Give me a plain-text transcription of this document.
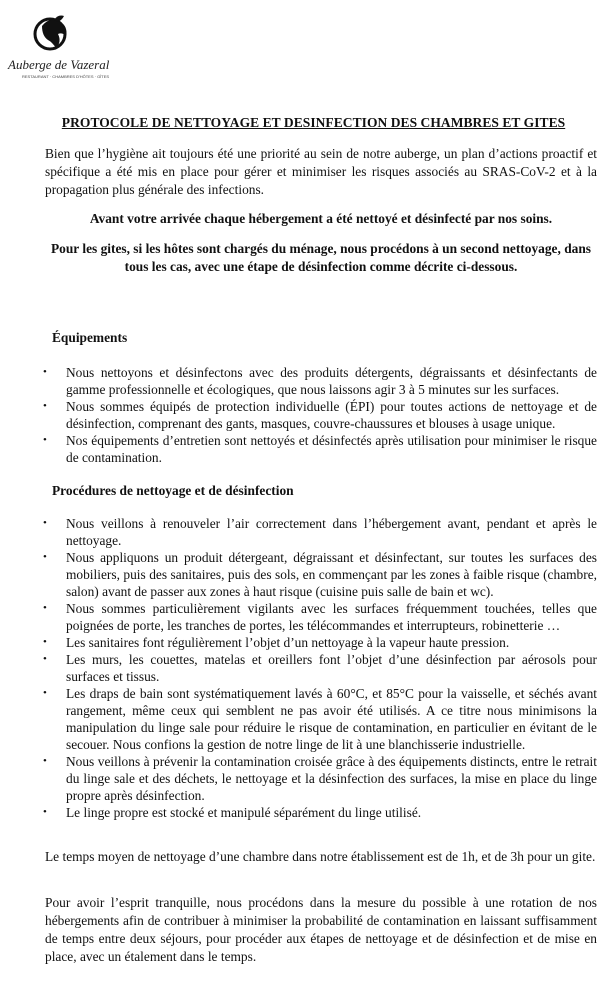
Auberge de Vazeral
RESTAURANT · CHAMBRES D'HÔTES · GÎTES
PROTOCOLE DE NETTOYAGE ET DESINFECTION DES CHAMBRES ET GITES

Bien que l’hygiène ait toujours été une priorité au sein de notre auberge, un plan d’actions proactif et spécifique a été mis en place pour gérer et minimiser les risques associés au SRAS-CoV-2 et à la propagation plus générale des infections.

Avant votre arrivée chaque hébergement a été nettoyé et désinfecté par nos soins.

Pour les gites, si les hôtes sont chargés du ménage, nous procédons à un second nettoyage, dans tous les cas, avec une étape de désinfection comme décrite ci-dessous.

Équipements

• Nous nettoyons et désinfectons avec des produits détergents, dégraissants et désinfectants de gamme professionnelle et écologiques, que nous laissons agir 3 à 5 minutes sur les surfaces.
• Nous sommes équipés de protection individuelle (ÉPI) pour toutes actions de nettoyage et de désinfection, comprenant des gants, masques, couvre-chaussures et blouses à usage unique.
• Nos équipements d’entretien sont nettoyés et désinfectés après utilisation pour minimiser le risque de contamination.

Procédures de nettoyage et de désinfection

• Nous veillons à renouveler l’air correctement dans l’hébergement avant, pendant et après le nettoyage.
• Nous appliquons un produit détergeant, dégraissant et désinfectant, sur toutes les surfaces des mobiliers, puis des sanitaires, puis des sols, en commençant par les zones à faible risque (chambre, salon) avant de passer aux zones à haut risque (cuisine puis salle de bain et wc).
• Nous sommes particulièrement vigilants avec les surfaces fréquemment touchées, telles que poignées de porte, les tranches de portes, les télécommandes et interrupteurs, robinetterie …
• Les sanitaires font régulièrement l’objet d’un nettoyage à la vapeur haute pression.
• Les murs, les couettes, matelas et oreillers font l’objet d’une désinfection par aérosols pour surfaces et tissus.
• Les draps de bain sont systématiquement lavés à 60°C, et 85°C pour la vaisselle, et séchés avant rangement, même ceux qui semblent ne pas avoir été utilisés. A ce titre nous minimisons la manipulation du linge sale pour réduire le risque de contamination, en particulier en évitant de le secouer. Nous confions la gestion de notre linge de lit à une blanchisserie industrielle.
• Nous veillons à prévenir la contamination croisée grâce à des équipements distincts, entre le retrait du linge sale et des déchets, le nettoyage et la désinfection des surfaces, la mise en place du linge propre après désinfection.
• Le linge propre est stocké et manipulé séparément du linge utilisé.

Le temps moyen de nettoyage d’une chambre dans notre établissement est de 1h, et de 3h pour un gite.

Pour avoir l’esprit tranquille, nous procédons dans la mesure du possible à une rotation de nos hébergements afin de contribuer à minimiser la probabilité de contamination en laissant suffisamment de temps entre deux séjours, pour procéder aux étapes de nettoyage et de désinfection et de mise en place, avec un étalement dans le temps.
